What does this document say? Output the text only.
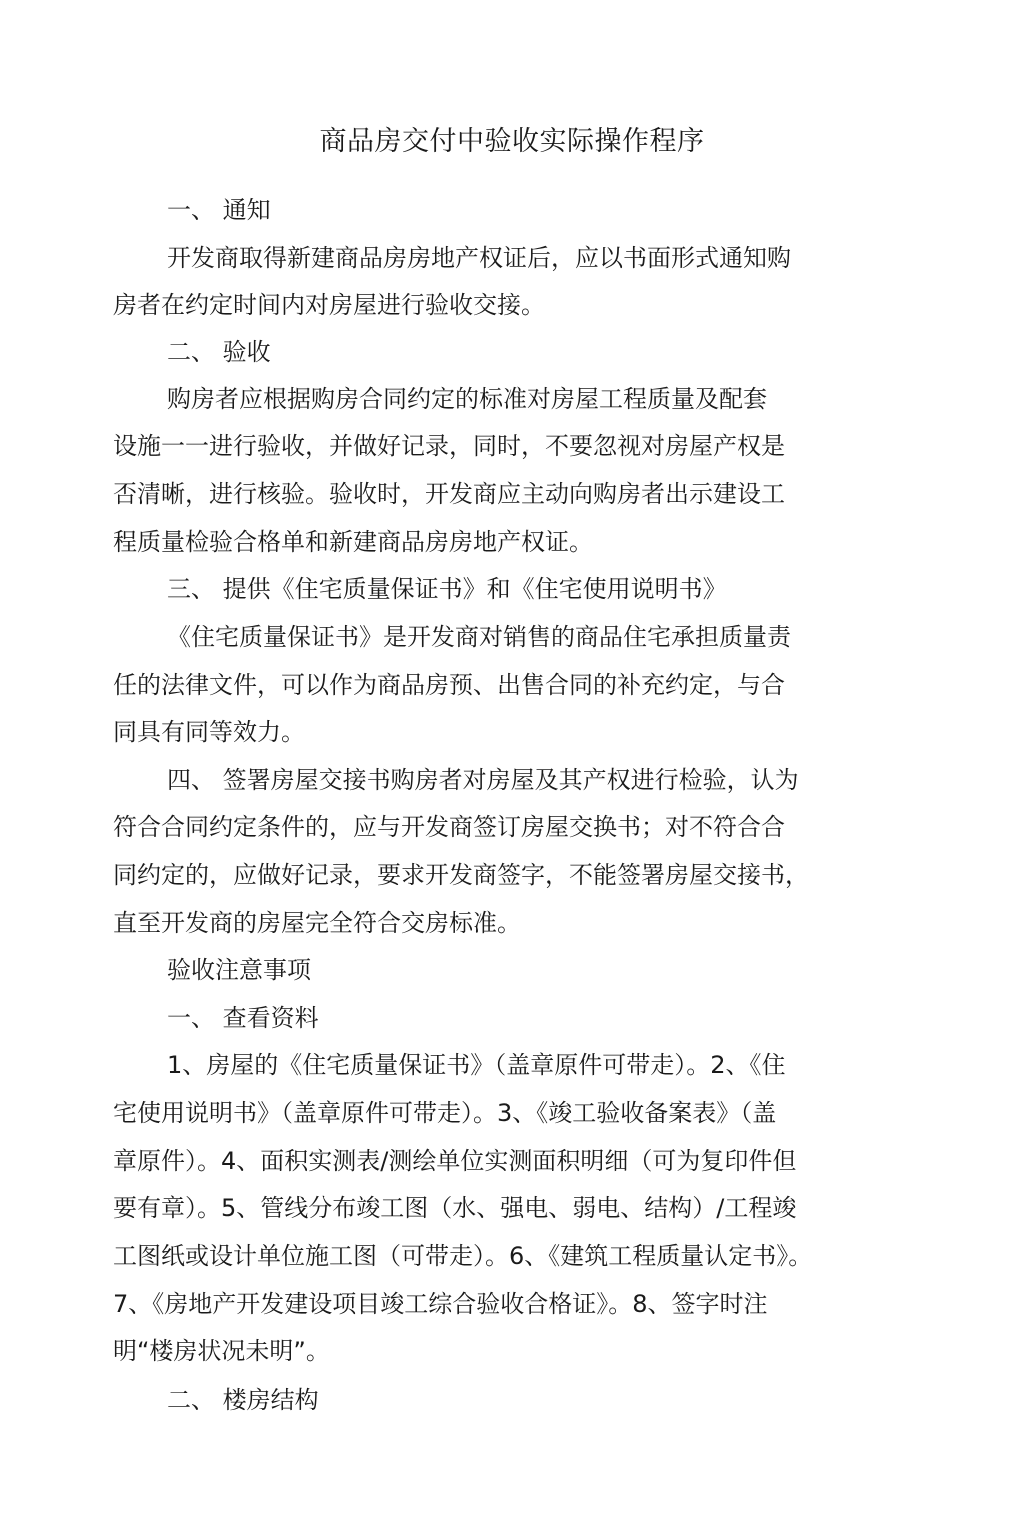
商品房交付中验收实际操作程序

一、 通知

开发商取得新建商品房房地产权证后，应以书面形式通知购

房者在约定时间内对房屋进行验收交接。

二、 验收

购房者应根据购房合同约定的标准对房屋工程质量及配套

设施一一进行验收，并做好记录，同时，不要忽视对房屋产权是

否清晰，进行核验。验收时，开发商应主动向购房者出示建设工

程质量检验合格单和新建商品房房地产权证。

三、 提供《住宅质量保证书》和《住宅使用说明书》

《住宅质量保证书》是开发商对销售的商品住宅承担质量责

任的法律文件，可以作为商品房预、出售合同的补充约定，与合

同具有同等效力。

四、 签署房屋交接书购房者对房屋及其产权进行检验，认为

符合合同约定条件的，应与开发商签订房屋交换书；对不符合合

同约定的，应做好记录，要求开发商签字，不能签署房屋交接书，

直至开发商的房屋完全符合交房标准。

验收注意事项

一、 查看资料

1、房屋的《住宅质量保证书》（盖章原件可带走）。2、《住

宅使用说明书》（盖章原件可带走）。3、《竣工验收备案表》（盖

章原件）。4、面积实测表/测绘单位实测面积明细（可为复印件但

要有章）。5、管线分布竣工图（水、强电、弱电、结构）/工程竣

工图纸或设计单位施工图（可带走）。6、《建筑工程质量认定书》。

7、《房地产开发建设项目竣工综合验收合格证》。8、签字时注

明“楼房状况未明”。

二、 楼房结构
